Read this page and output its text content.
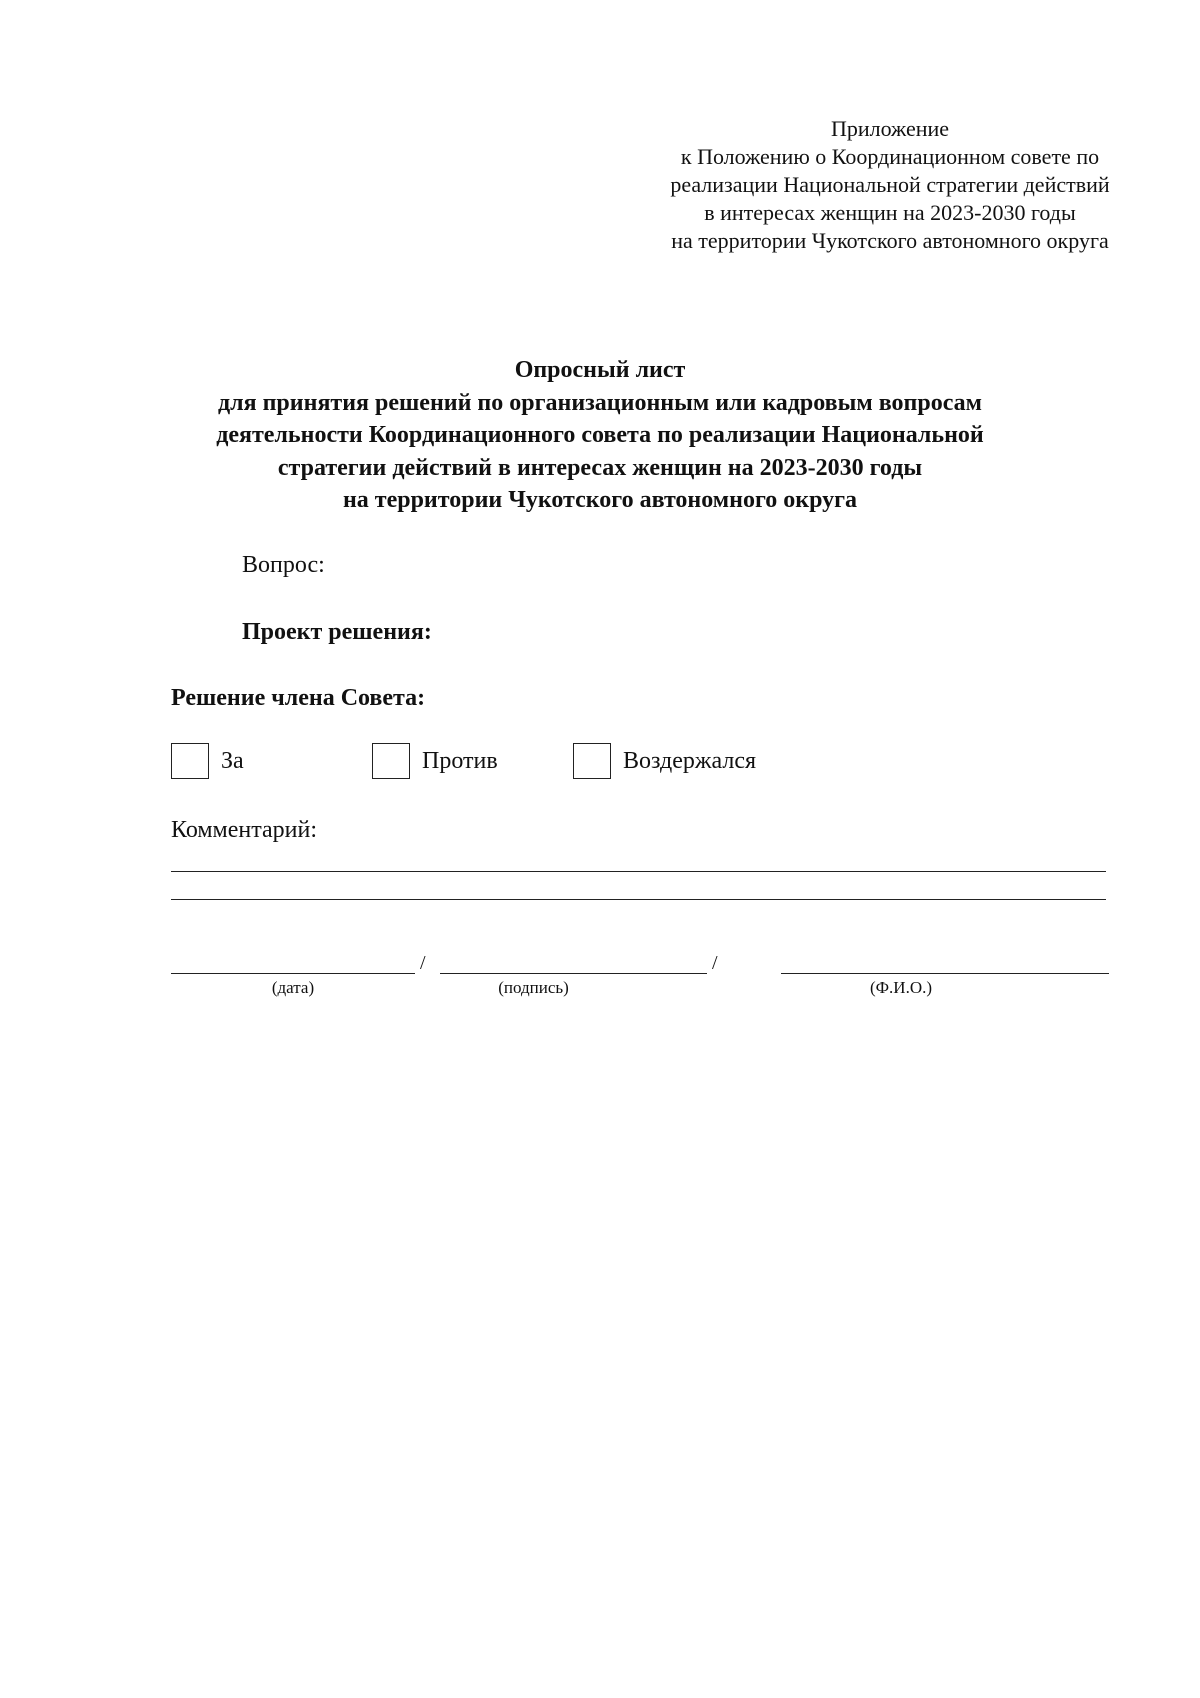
Приложение
к Положению о Координационном совете по
реализации Национальной стратегии действий
в интересах женщин на 2023-2030 годы
на территории Чукотского автономного округа
Опросный лист
для принятия решений по организационным или кадровым вопросам
деятельности Координационного совета по реализации Национальной
стратегии действий в интересах женщин на 2023-2030 годы
на территории Чукотского автономного округа
Вопрос:
Проект решения:
Решение члена Совета:
За	Против	Воздержался
Комментарий:
/	/
(дата)	(подпись)	(Ф.И.О.)
